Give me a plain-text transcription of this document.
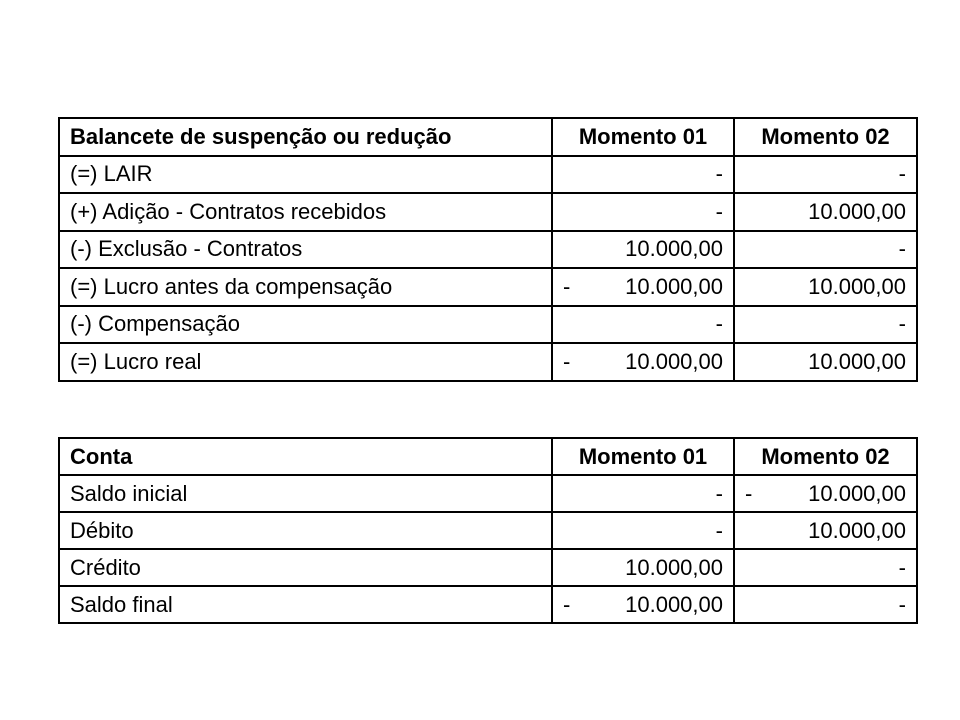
Balancete de suspenção ou redução	Momento 01	Momento 02
(=) LAIR	-	-
(+) Adição - Contratos recebidos	-	10.000,00
(-) Exclusão - Contratos	10.000,00	-
(=) Lucro antes da compensação	- 10.000,00	10.000,00
(-) Compensação	-	-
(=) Lucro real	- 10.000,00	10.000,00
Conta	Momento 01	Momento 02
Saldo inicial	-	- 10.000,00
Débito	-	10.000,00
Crédito	10.000,00	-
Saldo final	- 10.000,00	-
